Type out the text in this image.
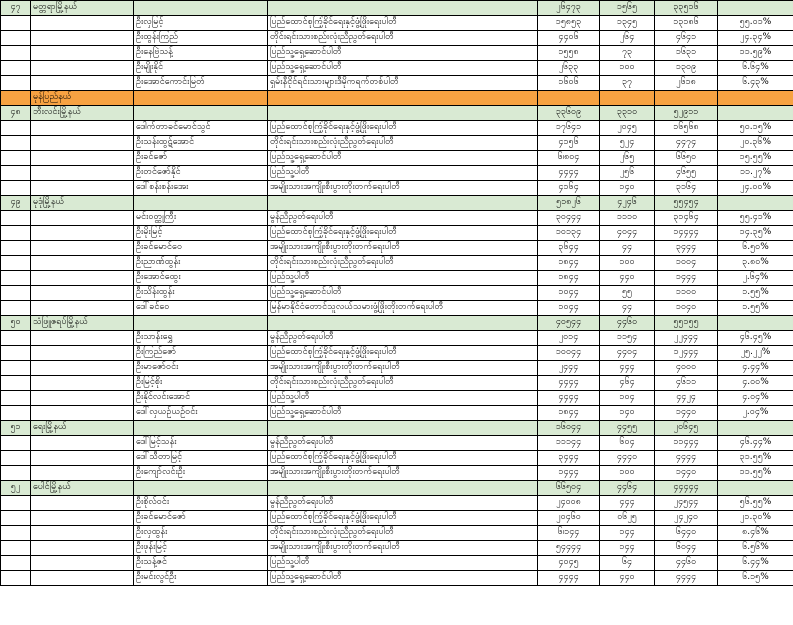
၄၇	မတ္တရာမြို့နယ်			၂၆၄၇၃	၁၅၆၅	၃၃၅၁၆	
		ဦးလှမြင့်	ပြည်ထောင်စုကြံ့ခိုင်ရေးနှင့်ဖွံ့ဖြိုးရေးပါတီ	၁၅၈၅၃	၁၃၄၅	၁၃၁၈၆	၅၅.၀၁%
		ဦးထွန်းကြည်	တိုင်းရင်းသားစည်းလုံးညီညွတ်ရေးပါတီ	၄၄၀၆	၂၆၄	၄၆၄၁	၂၄.၃၄%
		ဦးနေဗြဲသန့်	ပြည်သူ့ရှေ့ဆောင်ပါတီ	၁၅၅၈	၇၃	၁၆၃၁	၁၁.၅၉%
		ဦးမျိုးနိုင်	ပြည်သူ့ရှေ့ဆောင်ပါတီ	၂၆၃၃	၁၀၀	၁၃၀၉	၆.၆၄%
		ဦးအောင်ကောင်းမြတ်	ရှမ်းနီငိုင်ရင်းသားများဒီမိုကရက်တစ်ပါတီ	၁၆၀၆	၃၇	၂၆၁၈	၆.၄၃%
	မုန်ပြည်နယ်						
၄၈	ဘီးလင်းမြို့နယ်			၃၃၆၀၉	၃၃၁၀	၅၂၉၁၁	
		ဒေါက်တာခင်မောင်သွင်	ပြည်ထောင်စုကြံ့ခိုင်ရေးနှင့်ဖွံ့ဖြိုးရေးပါတီ	၁၇၆၄၁	၂၀၄၅	၁၆၅၆၈	၅၀.၁၅%
		ဦးသန်းထွဋ်အောင်	တိုင်းရင်းသားစည်းလုံးညီညွတ်ရေးပါတီ	၄၁၅၆	၅၂၄	၄၄၇၄	၂၀.၃၆%
		ဦးခင်ဇော်	ပြည်သူ့ရှေ့ဆောင်ပါတီ	၆၊၈၀၄	၂၆၅	၆၆၅၀	၁၅.၅၅%
		ဦးတင်ဇော်နိုင်	ပြည်သူ့ပါတီ	၄၄၄၄	၂၅၆	၄၆၅၅	၁၁.၂၇%
		ဒေါ်စန်းစန်းအေး	အမျိုးသားအကျိုးစီးပွားတိုးတက်ရေးပါတီ	၄၁၆၄	၁၄၀	၃၁၆၄	၂၄.၀၀%
၄၉	မုဒုံမြို့နယ်			၅၁၈၂၆	၄၂၄၆	၅၅၄၅၄	
		မင်းဝတ္ထုကြီး	မွန်ညီညွတ်ရေးပါတီ	၃၀၄၄၄	၁၁၁၀	၃၁၄၆၄	၅၅.၄၁%
		ဦးမိုးမြင့်	ပြည်ထောင်စုကြံ့ခိုင်ရေးနှင့်ဖွံ့ဖြိုးရေးပါတီ	၁၀၁၃၄	၄၀၄၄	၁၄၄၄၄	၁၄.၃၅%
		ဦးခင်မောင်ဝေ	အမျိုးသားအကျိုးစီးပွားတိုးတက်ရေးပါတီ	၃၆၄၄	၄၄	၃၄၄၄	၆.၅၀%
		ဦးညာဏ်ထွန်း	တိုင်းရင်းသားစည်းလုံးညီညွတ်ရေးပါတီ	၁၈၄၄	၁၀၀	၁၀၀၄	၃.၈၀%
		ဦးအောင်ထွေး	ပြည်သူ့ပါတီ	၁၈၄၄	၄၄၀	၁၄၄၄	၂.၆၄%
		ဦးသိန်းထွန်း	ပြည်သူ့ရှေ့ဆောင်ပါတီ	၁၀၄၄	၅၅	၁၁၀၀	၁.၅၅%
		ဒေါ်ခင်ဝေ	မြန်မာနိုင်ငံတောင်သူလယ်သမားဖွံ့ဖြိုးတိုးတက်ရေးပါတီ	၁၀၄၄	၄၄	၁၀၄၀	၁.၅၅%
၅၀	သံဖြူဇရပ်မြို့နယ်			၄၀၅၄၄	၄၄၆၀	၅၅၁၅၅	
		ဦးသာန်းရွှေ	မွန်ညီညွတ်ရေးပါတီ	၂၀၁၄	၁၁၅၄	၂၂၄၄၄	၄၆.၄၅%
		ဦးကြည်ဇော်	ပြည်ထောင်စုကြံ့ခိုင်ရေးနှင့်ဖွံ့ဖြိုးရေးပါတီ	၁၀၀၄၄	၄၄၀၄	၁၂၄၄၄	၂၅.၂၂%
		ဦးမာဇော်ဝင်း	အမျိုးသားအကျိုးစီးပွားတိုးတက်ရေးပါတီ	၂၄၄၄	၄၄၄	၄၀၀၀	၄.၄၄%
		ဦးမြင့်စိုး	တိုင်းရင်းသားစည်းလုံးညီညွတ်ရေးပါတီ	၄၄၄၄	၄၆၄	၄၆၁၁	၄.၀၀%
		ဦးနိုင်လင်းအောင်	ပြည်သူ့ပါတီ	၄၄၄၄	၁၀၄	၄၄၂၄	၄.၀၄%
		ဒေါ်လှယဉ်ယဉ်ဝင်း	ပြည်သူ့ရှေ့ဆောင်ပါတီ	၁၈၄၄	၁၄၀	၁၄၄၀	၂.၀၄%
၅၁	ရေးမြို့နယ်			၁၆၀၄၄	၄၄၅၅	၂၀၆၄၅	
		ဒေါ်မြင့်သန်း	မွန်ညီညွတ်ရေးပါတီ	၁၁၁၄၄	၆၀၄	၁၁၄၄၄	၄၆.၄၄%
		ဒေါ်သီတာမြင့်	ပြည်ထောင်စုကြံ့ခိုင်ရေးနှင့်ဖွံ့ဖြိုးရေးပါတီ	၃၄၄၄	၄၄၄၀	၄၄၄၄	၃၁.၅၅%
		ဦးကျော်လင်းဦး	အမျိုးသားအကျိုးစီးပွားတိုးတက်ရေးပါတီ	၁၄၄၄	၁၀၀	၁၄၄၀	၁၁.၅၅%
၅၂	ပေါင်မြို့နယ်			၆၆၅၀၄	၄၄၆၄	၄၄၄၄၄	
		ဦးစိုလ်ဝင်း	မွန်ညီညွတ်ရေးပါတီ	၂၄၀၀၈	၄၄၄	၂၄၅၄၄	၅၆.၅၅%
		ဦးခင်မောင်ဇော်	ပြည်ထောင်စုကြံ့ခိုင်ရေးနှင့်ဖွံ့ဖြိုးရေးပါတီ	၂၀၄၆၀	၀၆၂၅	၂၄၂၄၀	၂၁.၃၀%
		ဦးလှထွန်း	တိုင်းရင်းသားစည်းလုံးညီညွတ်ရေးပါတီ	၆၊၁၄၄	၁၄၄	၆၄၄၀	၈.၄၆%
		ဦးဖုန်းမြင့်	အမျိုးသားအကျိုးစီးပွားတိုးတက်ရေးပါတီ	၅၄၄၄၄	၁၄၄	၆၀၄၄	၆.၅၆%
		ဦးသန့်ဇင်	ပြည်သူ့ပါတီ	၄၀၄၅	၆၄	၄၄၆၀	၆.၄၄%
		ဦးမင်းလွင်ဦး	ပြည်သူ့ရှေ့ဆောင်ပါတီ	၄၄၄၄	၄၄၀	၄၄၄၄	၆.၁၅%
